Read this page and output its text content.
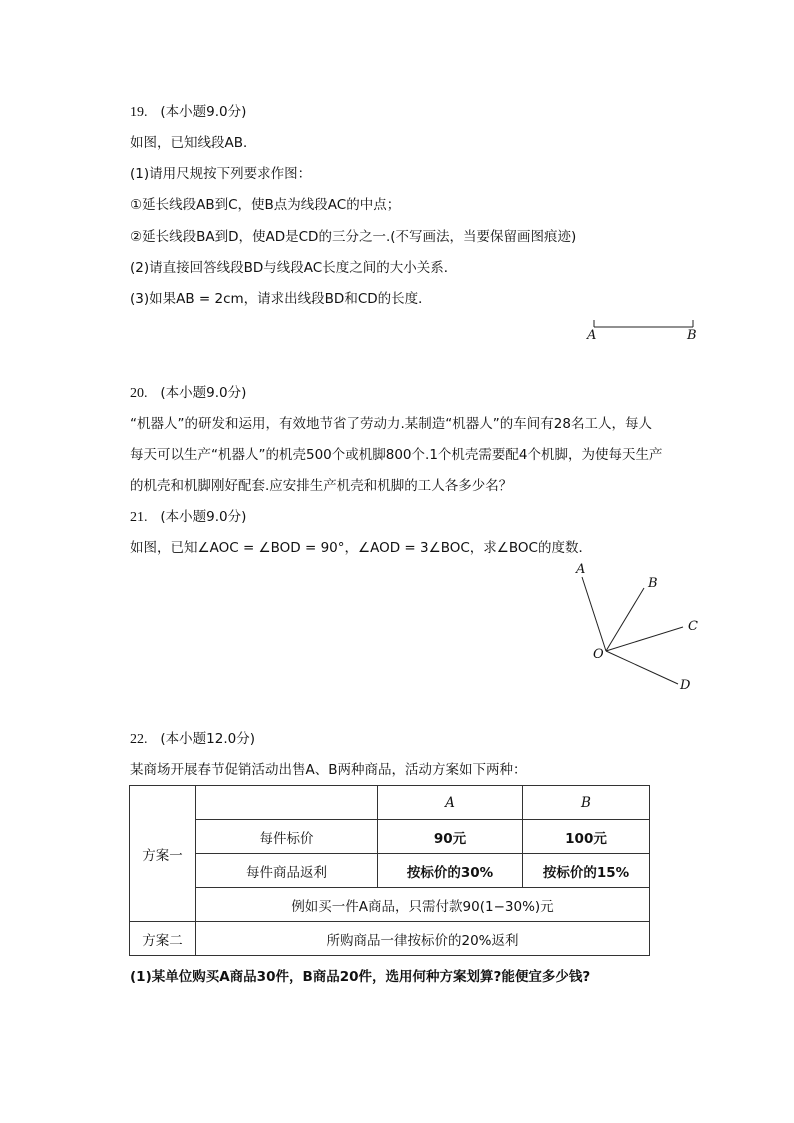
19. (本小题9.0分)
如图，已知线段AB．
(1)请用尺规按下列要求作图：
①延长线段AB到C，使B点为线段AC的中点；
②延长线段BA到D，使AD是CD的三分之一.(不写画法，当要保留画图痕迹)
(2)请直接回答线段BD与线段AC长度之间的大小关系．
(3)如果AB = 2cm，请求出线段BD和CD的长度．
A	B
20. (本小题9.0分)
“机器人”的研发和运用，有效地节省了劳动力.某制造“机器人”的车间有28名工人，每人
每天可以生产“机器人”的机壳500个或机脚800个.1个机壳需要配4个机脚，为使每天生产
的机壳和机脚刚好配套.应安排生产机壳和机脚的工人各多少名？
21. (本小题9.0分)
如图，已知∠AOC = ∠BOD = 90°，∠AOD = 3∠BOC，求∠BOC的度数．
A
B
C
O
D
22. (本小题12.0分)
某商场开展春节促销活动出售A、B两种商品，活动方案如下两种：
方案一		A	B
	每件标价	90元	100元
	每件商品返利	按标价的30%	按标价的15%
	例如买一件A商品，只需付款90(1−30%)元		
方案二	所购商品一律按标价的20%返利		
(1)某单位购买A商品30件，B商品20件，选用何种方案划算?能便宜多少钱?
